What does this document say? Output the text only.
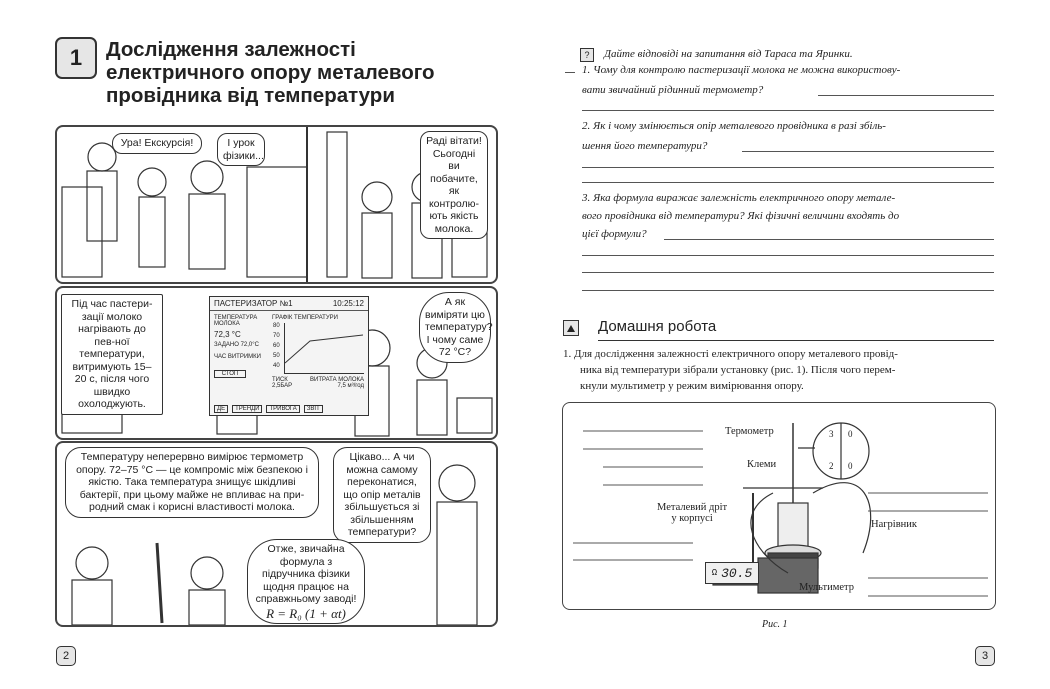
1	Дослідження залежності
електричного опору металевого
провідника від температури
Ура! Екскурсія!	І урок фізики...
Раді вітати! Сьогодні ви побачите, як контролю-ють якість молока.
Під час пастери-зації молоко нагрівають до пев-ної температури, витримують 15–20 с, після чого швидко охолоджують.
ПАСТЕРИЗАТОР №1	10:25:12
ТЕМПЕРАТУРА МОЛОКА
72,3 °С
ЗАДАНО 72,0°С
ЧАС ВИТРИМКИ
СТОП
ГРАФІК ТЕМПЕРАТУРИ
80
70
60
50
40
ТИСК	ВИТРАТА МОЛОКА
2,5БАР	7,5 м³/год
ДЕ	ТРЕНДИ	ТРИВОГА	ЗВІТ
А як виміряти цю температуру? І чому саме 72 °С?
Температуру неперервно вимірює термометр опору. 72–75 °С — це компроміс між безпекою і якістю. Така температура знищує шкідливі бактерії, при цьому майже не впливає на при-родний смак і корисні властивості молока.
Цікаво... А чи можна самому переконатися, що опір металів збільшується зі збільшенням температури?
Отже, звичайна формула з підручника фізики щодня працює на справжньому заводі!
R = R₀ (1 + αt)
2
?	Дайте відповіді на запитання від Тараса та Яринки.
1. Чому для контролю пастеризації молока не можна використову-
вати звичайний рідинний термометр?
2. Як і чому змінюється опір металевого провідника в разі збіль-
шення його температури?
3. Яка формула виражає залежність електричного опору метале-
вого провідника від температури? Які фізичні величини входять до
цієї формули?
Домашня робота
1. Для дослідження залежності електричного опору металевого провід-
ника від температури зібрали установку (рис. 1). Після чого перем-
кнули мультиметр у режим вимірювання опору.
Термометр
Клеми
Металевий дріт
у корпусі
Нагрівник
Мультиметр
Ω 30.5
3
2
0
0
Рис. 1
3
